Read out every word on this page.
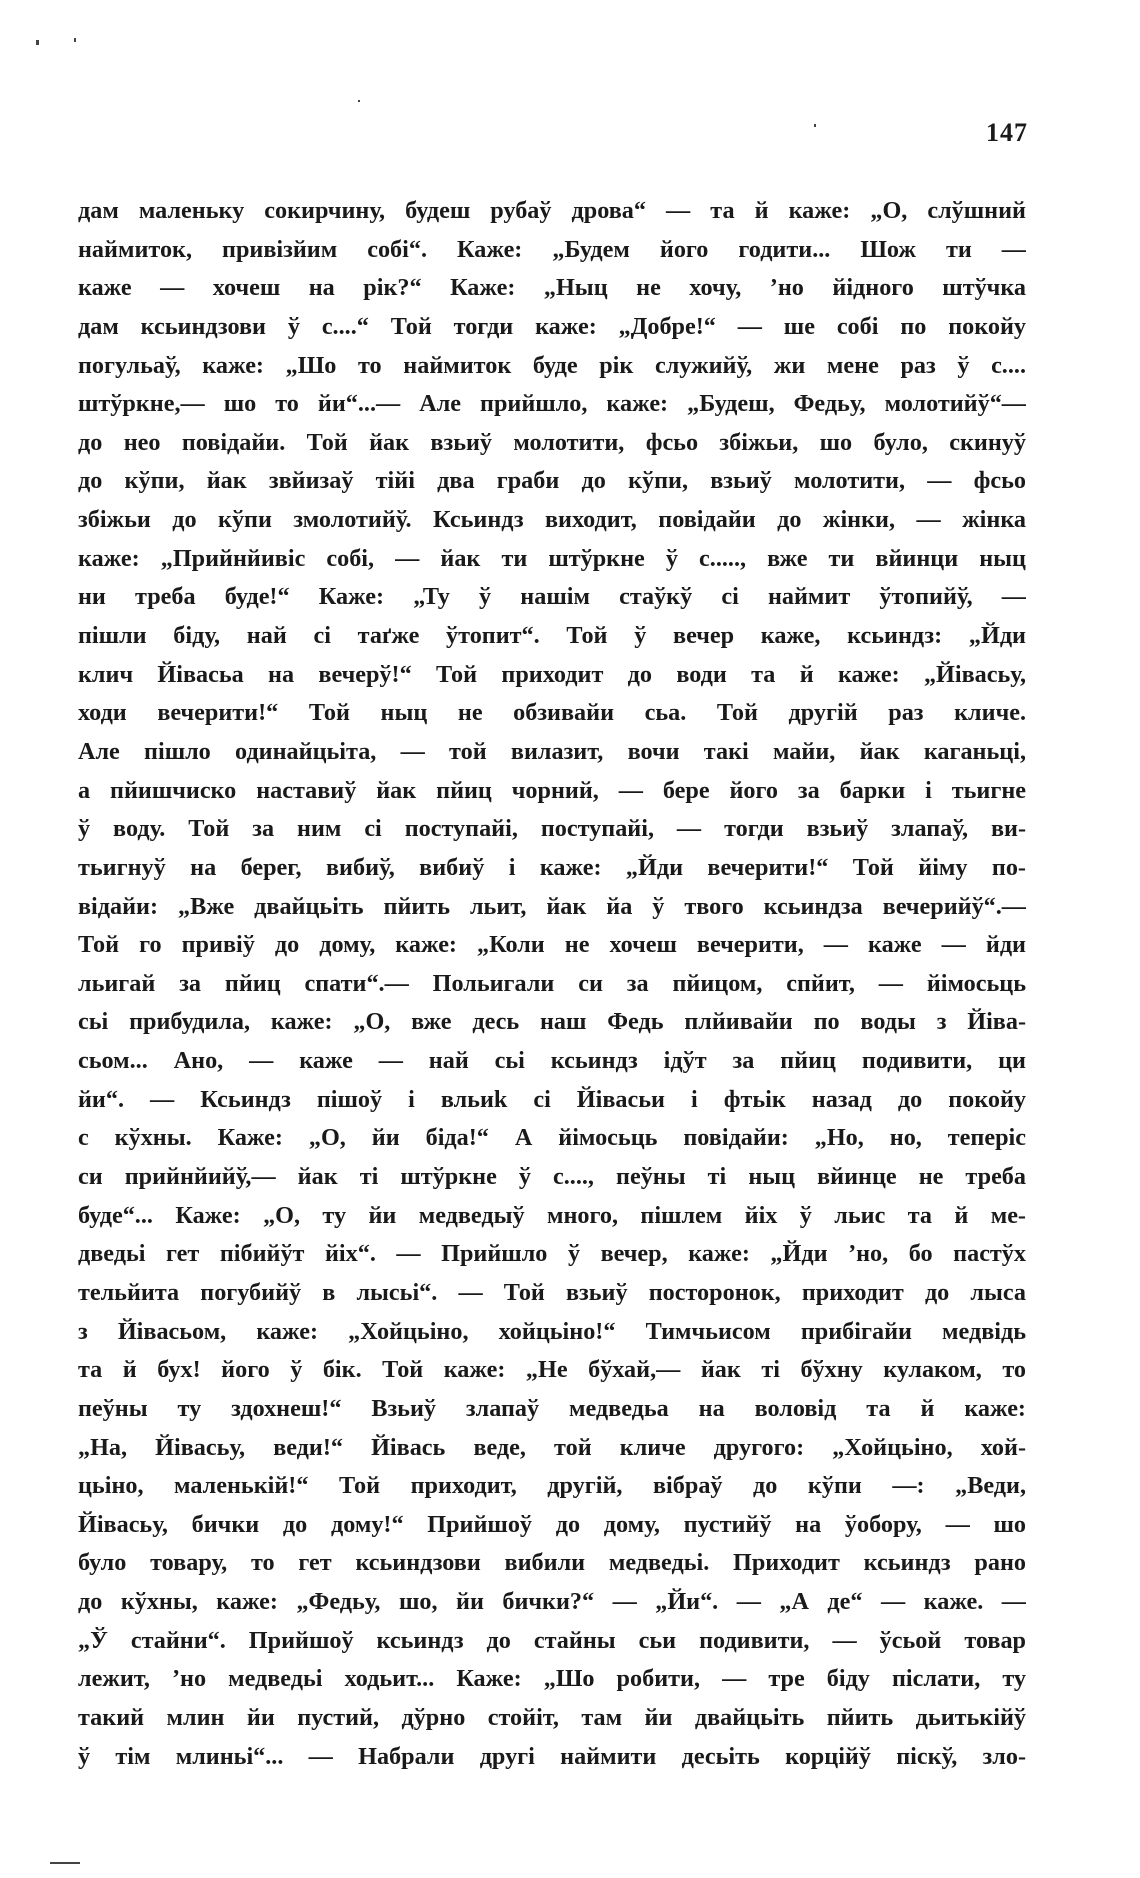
147
дам маленьку сокирчину, будеш рубаў дрова“ — та й каже: „О, слўшний
наймиток, привізйим собі“. Каже: „Будем його годити... Шож ти —
каже — хочеш на рік?“ Каже: „Ныц не хочу, ’но йідного штўчка
дам ксьиндзови ў с....“ Той тогди каже: „Добре!“ — ше собі по покойу
погульаў, каже: „Шо то наймиток буде рік служийў, жи мене раз ў с....
штўркне,— шо то йи“...— Але прийшло, каже: „Будеш, Федьу, молотийў“—
до нео повідайи. Той йак взьиў молотити, фсьо збіжьи, шо було, скинуў
до кўпи, йак звйизаў тійі два граби до кўпи, взьиў молотити, — фсьо
збіжьи до кўпи змолотийў. Ксьиндз виходит, повідайи до жінки, — жінка
каже: „Прийнйивіс собі, — йак ти штўркне ў с....., вже ти вйинци ныц
ни треба буде!“ Каже: „Ту ў нашім стаўкў сі наймит ўтопийў, —
пішли біду, най сі таґже ўтопит“. Той ў вечер каже, ксьиндз: „Йди
клич Йівасьа на вечерў!“ Той приходит до води та й каже: „Йівасьу,
ходи вечерити!“ Той ныц не обзивайи сьа. Той другій раз кличе.
Але пішло одинайцьіта, — той вилазит, вочи такі майи, йак каганьці,
а пйишчиско наставиў йак пйиц чорний, — бере його за барки і тьигне
ў воду. Той за ним сі поступайі, поступайі, — тогди взьиў злапаў, ви-
тьигнуў на берег, вибиў, вибиў і каже: „Йди вечерити!“ Той йіму по-
відайи: „Вже двайцьіть пйить льит, йак йа ў твого ксьиндза вечерийў“.—
Той го привіў до дому, каже: „Коли не хочеш вечерити, — каже — йди
льигай за пйиц спати“.— Польигали си за пйицом, спйит, — йімосьць
сьі прибудила, каже: „О, вже десь наш Федь плйивайи по воды з Йіва-
сьом... Ано, — каже — най сьі ксьиндз ідўт за пйиц подивити, ци
йи“. — Ксьиндз пішоў і вльиk сі Йівасьи і фтьік назад до покойу
с кўхны. Каже: „О, йи біда!“ А йімосьць повідайи: „Но, но, теперіс
си прийнйийў,— йак ті штўркне ў с...., пеўны ті ныц вйинце не треба
буде“... Каже: „О, ту йи медведыў много, пішлем йіх ў льис та й ме-
дведьі гет пібийўт йіх“. — Прийшло ў вечер, каже: „Йди ’но, бо пастўх
тельйита погубийў в лысьі“. — Той взьиў посторонок, приходит до лыса
з Йівасьом, каже: „Хойцьіно, хойцьіно!“ Тимчьисом прибігайи медвідь
та й бух! його ў бік. Той каже: „Не бўхай,— йак ті бўхну кулаком, то
пеўны ту здохнеш!“ Взьиў злапаў медведьа на воловід та й каже:
„На, Йівасьу, веди!“ Йівась веде, той кличе другого: „Хойцьіно, хой-
цьіно, маленькій!“ Той приходит, другій, вібраў до кўпи —: „Веди,
Йівасьу, бички до дому!“ Прийшоў до дому, пустийў на ўобору, — шо
було товару, то гет ксьиндзови вибили медведьі. Приходит ксьиндз рано
до кўхны, каже: „Федьу, шо, йи бички?“ — „Йи“. — „А де“ — каже. —
„Ў стайни“. Прийшоў ксьиндз до стайны сьи подивити, — ўсьой товар
лежит, ’но медведьі ходьит... Каже: „Шо робити, — тре біду післати, ту
такий млин йи пустий, дўрно стойіт, там йи двайцьіть пйить дьитькійў
ў тім млиньі“... — Набрали другі наймити десьіть корційў піскў, зло-
